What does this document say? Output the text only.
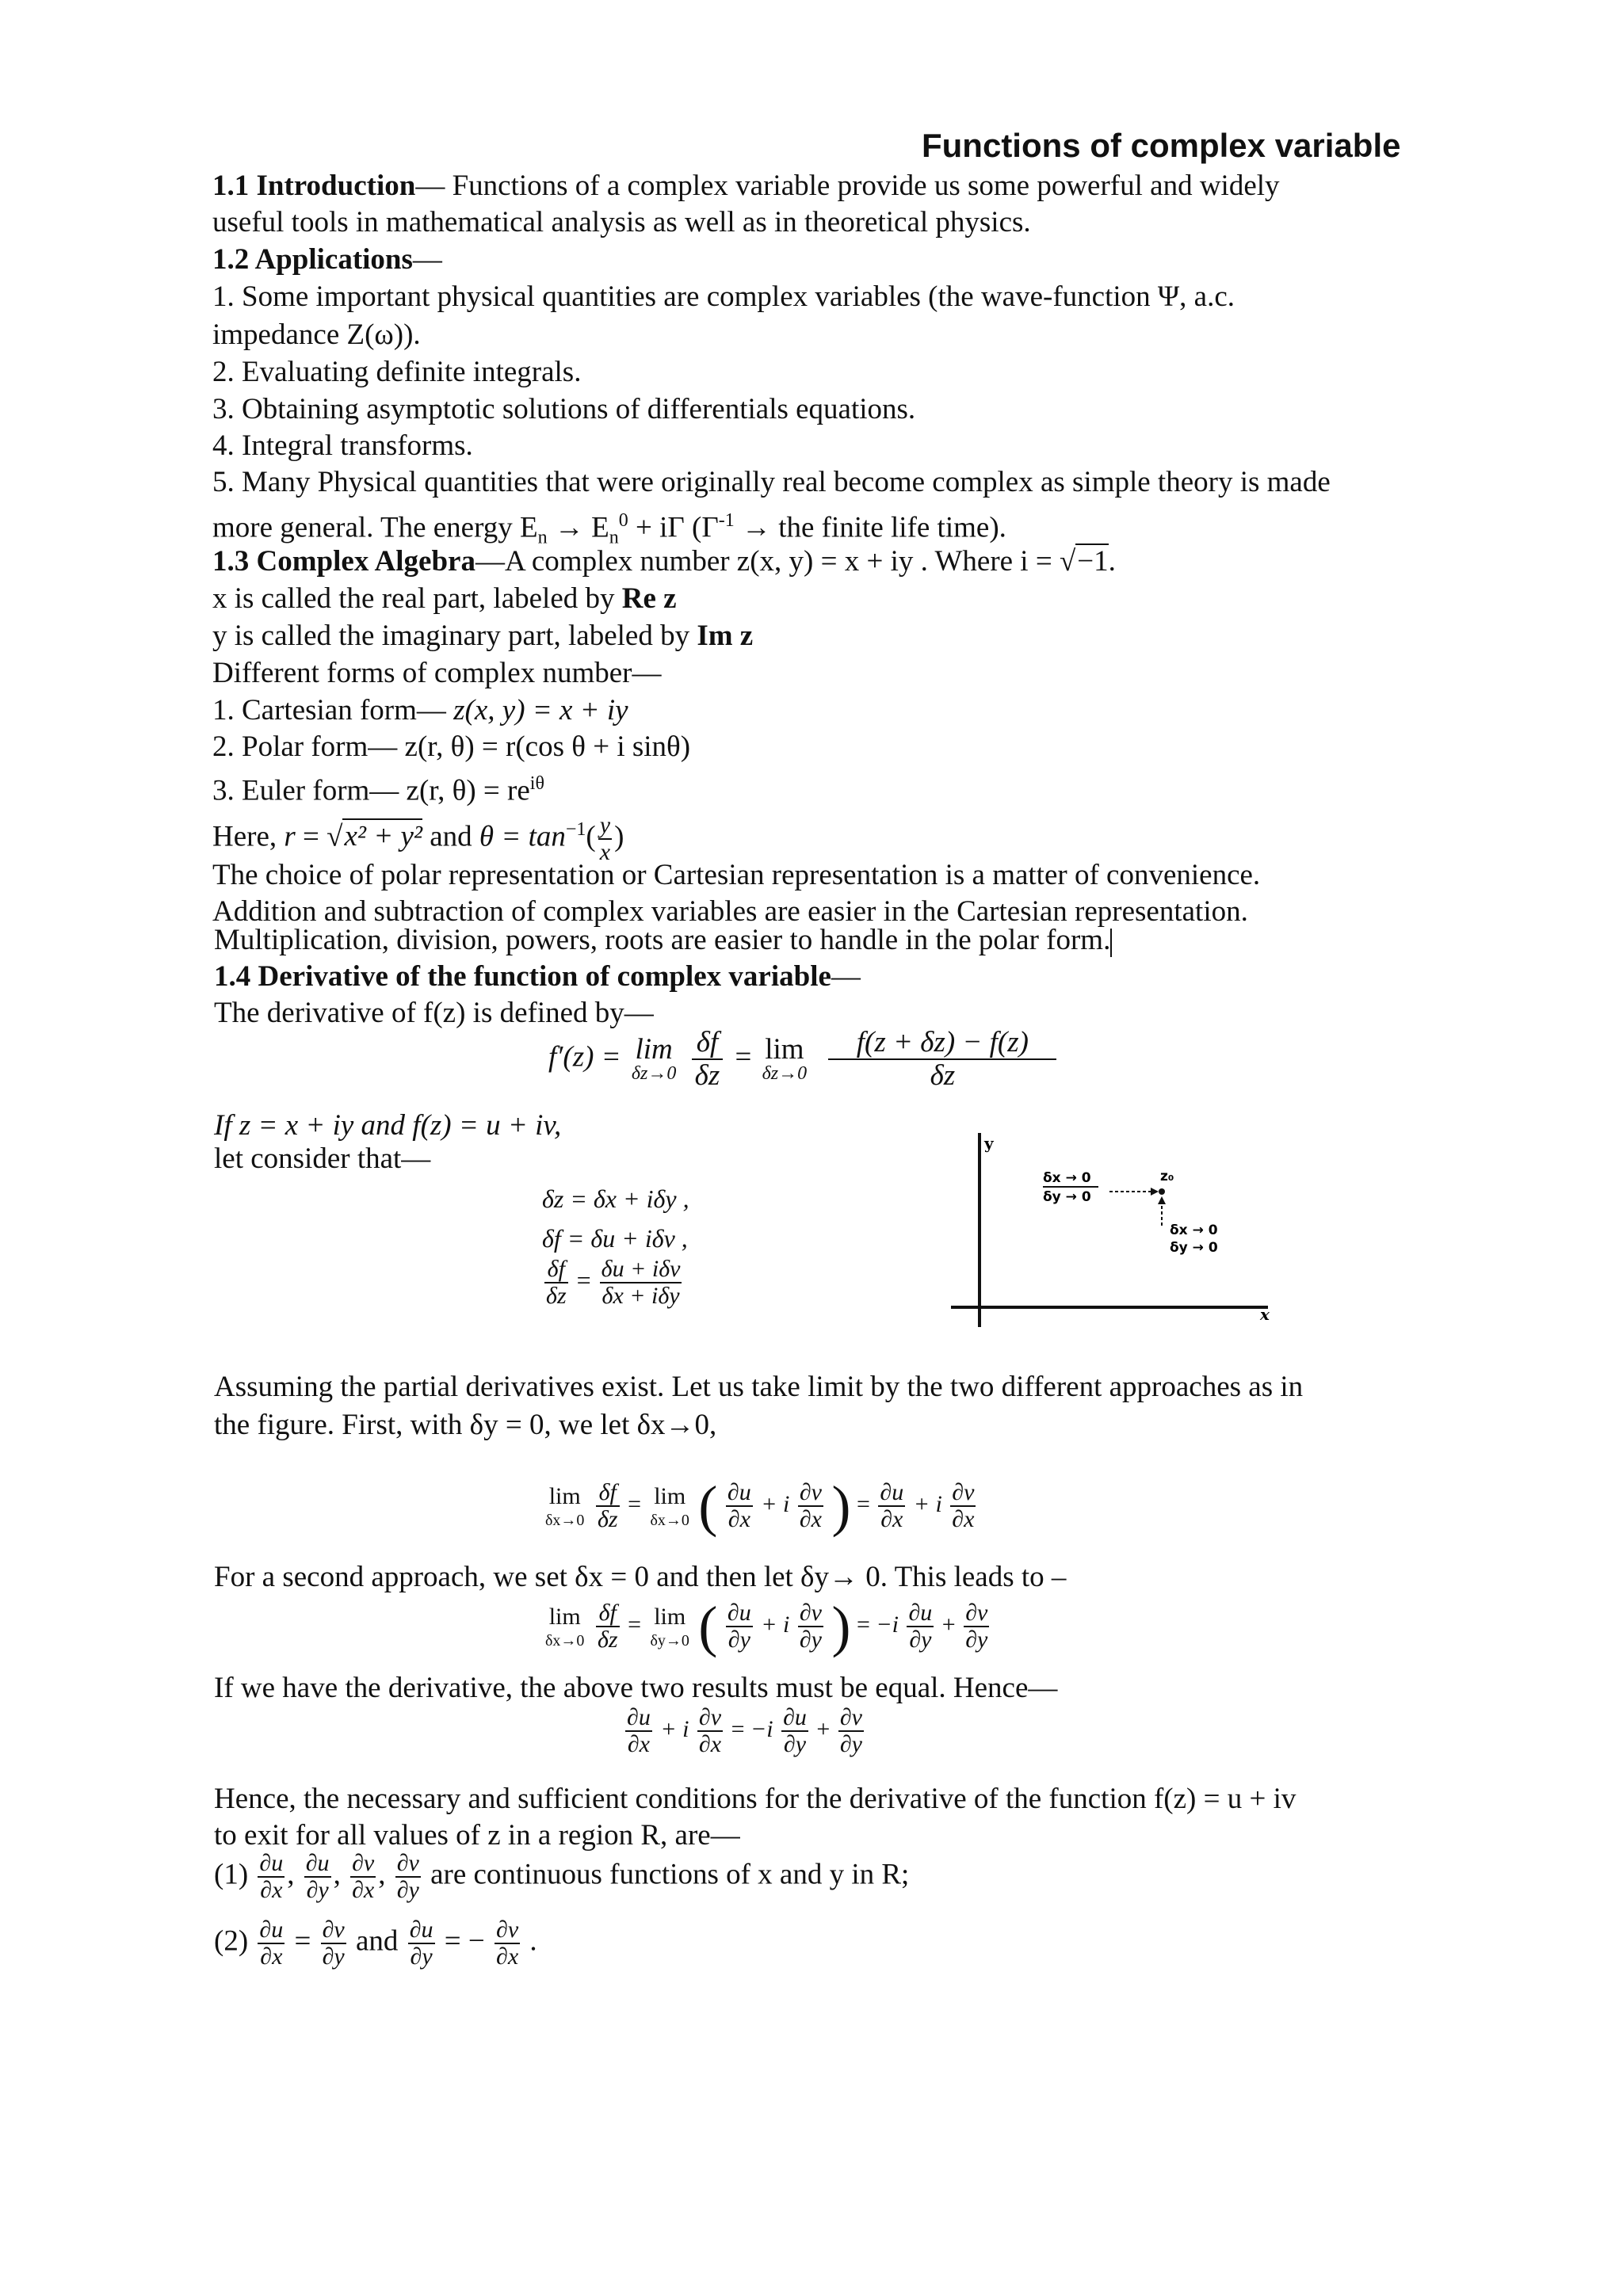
Functions of complex variable
1.1 Introduction— Functions of a complex variable provide us some powerful and widely
useful tools in mathematical analysis as well as in theoretical physics.
1.2 Applications—
1. Some important physical quantities are complex variables (the wave-function Ψ, a.c.
impedance Z(ω)).
2. Evaluating definite integrals.
3. Obtaining asymptotic solutions of differentials equations.
4. Integral transforms.
5. Many Physical quantities that were originally real become complex as simple theory is made
more general. The energy $E_n \to E_n^0 + i\Gamma$ ($\Gamma^{-1}$ → the finite life time).
1.3 Complex Algebra—A complex number z(x, y) = x + iy . Where i = √−1.
x is called the real part, labeled by Re z
y is called the imaginary part, labeled by Im z
Different forms of complex number—
1. Cartesian form— z(x, y) = x + iy
2. Polar form— z(r, θ) = r(cos θ + i sinθ)
3. Euler form— z(r, $\theta) = re^{i\theta}$
Here, r = √x² + y² and $\theta = \tan^{-1}( \frac{y}{x}$ )
The choice of polar representation or Cartesian representation is a matter of convenience.
Addition and subtraction of complex variables are easier in the Cartesian representation.
Multiplication, division, powers, roots are easier to handle in the polar form.
1.4 Derivative of the function of complex variable—
The derivative of f(z) is defined by—
f′(z) = lim
δz→0
$\frac{\delta f}{\delta z} = \lim$
δz→0
$\frac{f(z + \delta z) - f(z)}{\delta z}$
If z = x + iy and f(z) = u + iv,
let consider that—
δz = δx + iδy ,
δf = δu + iδv ,
$\frac{\delta f}{\delta z} = \frac{\text{δu + iδv}}{\text{δx + iδy}}$
y
x
δx → 0
δy → 0
z₀
δx → 0
δy → 0
Assuming the partial derivatives exist. Let us take limit by the two different approaches as in
the figure. First, with δy = 0, we let δx→0,
lim
δx→0
$\frac{\delta f}{\delta z} = \lim$
δx→0 ( $\frac{\partial u}{\partial x} + i \frac{\partial v}{\partial x}$ ) = $\frac{\partial u}{\partial x} + i \frac{\partial v}{\partial x}$
For a second approach, we set δx = 0 and then let δy→ 0. This leads to –
lim
δx→0
$\frac{\delta f}{\delta z} = \lim$
δy→0 ( $\frac{\partial u}{\partial y} + i \frac{\partial v}{\partial y}$ ) = $-i \frac{\partial u}{\partial y} + \frac{\partial v}{\partial y}$
If we have the derivative, the above two results must be equal. Hence—
$\frac{\partial u}{\partial x} + i \frac{\partial v}{\partial x} = -i \frac{\partial u}{\partial y} + \frac{\partial v}{\partial y}$
Hence, the necessary and sufficient conditions for the derivative of the function f(z) = u + iv
to exit for all values of z in a region R, are—
$(1) \frac{\partial u}{\partial x}$ , $\frac{\partial u}{\partial y}$ , $\frac{\partial v}{\partial x}$ , $\frac{\partial v}{\partial y}$ are continuous functions of x and y in R;
$(2) \frac{\partial u}{\partial x} = \frac{\partial v}{\partial y}$ and $\frac{\partial u}{\partial y}$ = − $\frac{\partial v}{\partial x}$ .
